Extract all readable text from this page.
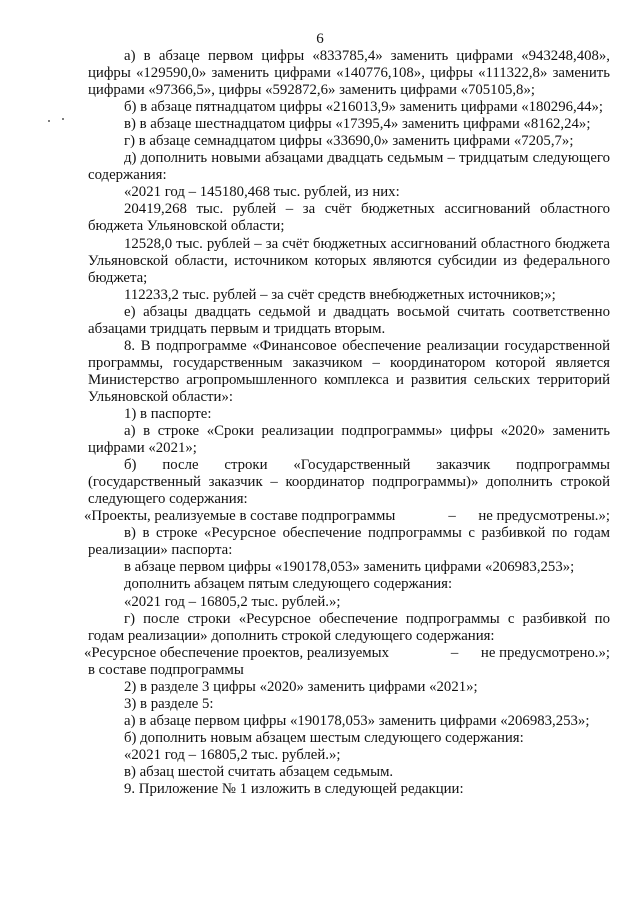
6

а) в абзаце первом цифры «833785,4» заменить цифрами «943248,408», цифры «129590,0» заменить цифрами «140776,108», цифры «111322,8» заменить цифрами «97366,5», цифры «592872,6» заменить цифрами «705105,8»;

б) в абзаце пятнадцатом цифры «216013,9» заменить цифрами «180296,44»;

в) в абзаце шестнадцатом цифры «17395,4» заменить цифрами «8162,24»;

г) в абзаце семнадцатом цифры «33690,0» заменить цифрами «7205,7»;

д) дополнить новыми абзацами двадцать седьмым – тридцатым следующего содержания:

«2021 год – 145180,468 тыс. рублей, из них:

20419,268 тыс. рублей – за счёт бюджетных ассигнований областного бюджета Ульяновской области;

12528,0 тыс. рублей – за счёт бюджетных ассигнований областного бюджета Ульяновской области, источником которых являются субсидии из федерального бюджета;

112233,2 тыс. рублей – за счёт средств внебюджетных источников;»;

е) абзацы двадцать седьмой и двадцать восьмой считать соответственно абзацами тридцать первым и тридцать вторым.

8. В подпрограмме «Финансовое обеспечение реализации государственной программы, государственным заказчиком – координатором которой является Министерство агропромышленного комплекса и развития сельских территорий Ульяновской области»:

1) в паспорте:

а) в строке «Сроки реализации подпрограммы» цифры «2020» заменить цифрами «2021»;

б) после строки «Государственный заказчик подпрограммы (государственный заказчик – координатор подпрограммы)» дополнить строкой следующего содержания:

«Проекты, реализуемые в составе подпрограммы	–	не предусмотрены.»;

в) в строке «Ресурсное обеспечение подпрограммы с разбивкой по годам реализации» паспорта:

в абзаце первом цифры «190178,053» заменить цифрами «206983,253»;

дополнить абзацем пятым следующего содержания:

«2021 год – 16805,2 тыс. рублей.»;

г) после строки «Ресурсное обеспечение подпрограммы с разбивкой по годам реализации» дополнить строкой следующего содержания:

«Ресурсное обеспечение проектов, реализуемых	–	не предусмотрено.»;

в составе подпрограммы

2) в разделе 3 цифры «2020» заменить цифрами «2021»;

3) в разделе 5:

а) в абзаце первом цифры «190178,053» заменить цифрами «206983,253»;

б) дополнить новым абзацем шестым следующего содержания:

«2021 год – 16805,2 тыс. рублей.»;

в) абзац шестой считать абзацем седьмым.

9. Приложение № 1 изложить в следующей редакции:
